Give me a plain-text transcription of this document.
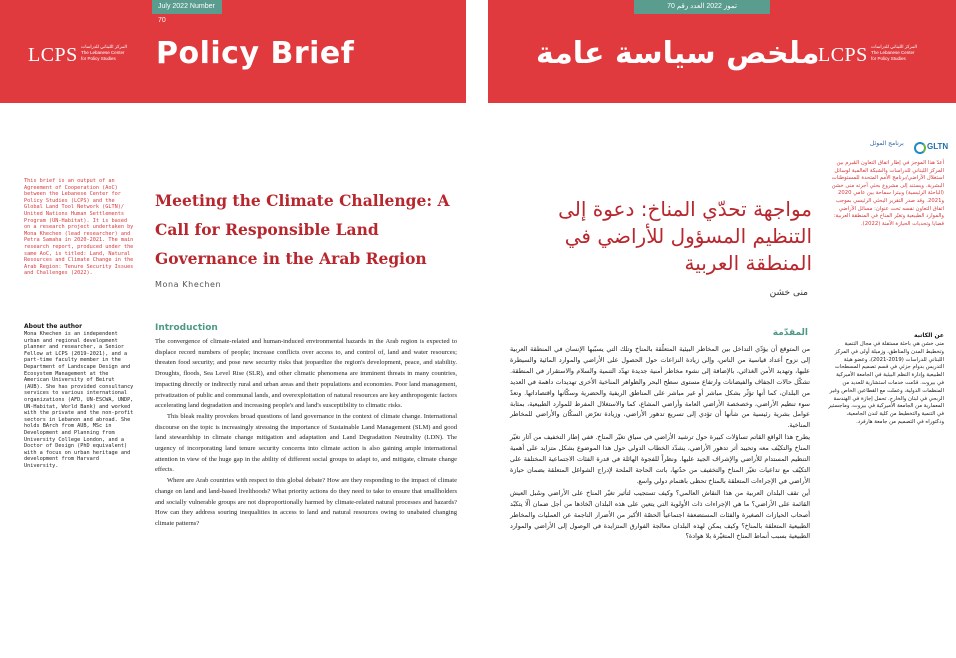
July 2022 Number 70
LCPS	المركز اللبناني للدراسات
The Lebanese Center
for Policy Studies	Policy Brief
This brief is an output of an Agreement of Cooperation (AoC) between the Lebanese Center for Policy Studies (LCPS) and the Global Land Tool Network (GLTN)/ United Nations Human Settlements Program (UN-Habitat). It is based on a research project undertaken by Mona Khechen (lead researcher) and Petra Samaha in 2020-2021. The main research report, produced under the same AoC, is titled: Land, Natural Resources and Climate Change in the Arab Region: Tenure Security Issues and Challenges (2022).
About the author
Mona Khechen is an independent urban and regional development planner and researcher, a Senior Fellow at LCPS (2019-2021), and a part-time faculty member in the Department of Landscape Design and Ecosystem Management at the American University of Beirut (AUB). She has provided consultancy services to various international organizations (AFD, UN-ESCWA, UNDP, UN-Habitat, World Bank) and worked with the private and the non-profit sectors in Lebanon and abroad. She holds BArch from AUB, MSc in Development and Planning from University College London, and a Doctor of Design (PhD equivalent) with a focus on urban heritage and development from Harvard University.
Meeting the Climate Challenge: A Call for Responsible Land Governance in the Arab Region
Mona Khechen
Introduction

The convergence of climate-related and human-induced environmental hazards in the Arab region is expected to displace record numbers of people; increase conflicts over access to, and control of, land and water resources; threaten food security; and pose new security risks that jeopardize the region's development, peace, and stability. Droughts, floods, Sea Level Rise (SLR), and other climatic phenomena are imminent threats in many countries, impacting directly or indirectly rural and urban areas and their populations and economies. Poor land management, privatization of public and communal lands, and overexploitation of natural resources are key anthropogenic factors accelerating land degradation and increasing people's and land's susceptibility to climatic risks.

This bleak reality provokes broad questions of land governance in the context of climate change. International discourse on the topic is increasingly stressing the importance of Sustainable Land Management (SLM) and good land stewardship in climate change mitigation and adaptation and Land Degradation Neutrality (LDN). The urgency of incorporating land tenure security concerns into climate action is also gaining ample international attention in view of the huge gap in the ability of different social groups to adapt to, and mitigate, climate change effects.

Where are Arab countries with respect to this global debate? How are they responding to the impact of climate change on land and land-based livelihoods? What priority actions do they need to take to ensure that smallholders and socially vulnerable groups are not disproportionally harmed by climate-related natural processes and hazards? How can they address souring inequalities in access to land and natural resources owing to unabated changing climate patterns?

تموز 2022 العدد رقم 70
ملخص سياسة عامة
LCPS	المركز اللبناني للدراسات
The Lebanese Center
for Policy Studies
برنامج الموئل	GLTN
أعدّ هذا الموجز في إطار اتفاق التعاون المُبرم بين المركز اللبناني للدراسات والشبكة العالمية لوسائل استغلال الأراضي/برنامج الأمم المتحدة للمستوطنات البشرية. ويستند إلى مشروع بحثي أجرته منى خشن (الباحثة الرئيسية) وبيترا سماحة بين عامي 2020 و2021. وقد صدر التقرير البحثي الرئيسي بموجب اتفاق التعاون نفسه تحت عنوان: مسائل الأراضي والموارد الطبيعية وتغيّر المناخ في المنطقة العربية: قضايا وتحديات الحيازة الآمنة (2022).
عن الكاتبة
منى خشن هي باحثة مستقلة في مجال التنمية وتخطيط المدن والمناطق، وزميلة أولى في المركز اللبناني للدراسات (2019-2021)، وعضو هيئة التدريس بدوام جزئي في قسم تصميم المسطحات الطبيعية وإدارة النظم البيئية في الجامعة الأميركية في بيروت. قدّمت خدمات استشارية للعديد من المنظمات الدولية، وعملت مع القطاعين الخاص وغير الربحي في لبنان والخارج. تحمل إجازة في الهندسة المعمارية من الجامعة الأميركية في بيروت، وماجستير في التنمية والتخطيط من كلية لندن الجامعية، ودكتوراه في التصميم من جامعة هارفرد.
مواجهة تحدّي المناخ: دعوة إلى التنظيم المسؤول للأراضي في المنطقة العربية
منى خشن
المقدّمة

من المتوقع أن يؤدّي التداخل بين المخاطر البيئية المتعلّقة بالمناخ وتلك التي يسبّبها الإنسان في المنطقة العربية إلى نزوح أعداد قياسية من الناس، وإلى زيادة النزاعات حول الحصول على الأراضي والموارد المائية والسيطرة عليها، وتهديد الأمن الغذائي، بالإضافة إلى نشوء مخاطر أمنية جديدة تهدّد التنمية والسلام والاستقرار في المنطقة. تشكّل حالات الجفاف والفيضانات وارتفاع مستوى سطح البحر والظواهر المناخية الأخرى تهديدات داهمة في العديد من البلدان، كما أنها تؤثّر بشكل مباشر أو غير مباشر على المناطق الريفية والحضرية وسكّانها واقتصاداتها. وتعدّ سوء تنظيم الأراضي، وخصخصة الأراضي العامة وأراضي المشاع، كما والاستغلال المفرط للموارد الطبيعية، بمثابة عوامل بشرية رئيسية من شأنها أن تؤدي إلى تسريع تدهور الأراضي، وزيادة تعرّض السكّان والأراضي للمخاطر المناخية.

يطرح هذا الواقع القاتم تساؤلات كبيرة حول ترشيد الأراضي في سياق تغيّر المناخ. ففي إطار التخفيف من آثار تغيّر المناخ والتكيّف معه وتحييد أثر تدهور الأراضي، يشدّد الخطاب الدولي حول هذا الموضوع بشكل متزايد على أهمية التنظيم المستدام للأراضي والإشراف الجيد عليها. ونظراً للفجوة الهائلة في قدرة الفئات الاجتماعية المختلفة على التكيّف مع تداعيات تغيّر المناخ والتخفيف من حدّتها، باتت الحاجة الملحة لإدراج الشواغل المتعلقة بضمان حيازة الأراضي في الإجراءات المتعلقة بالمناخ تحظى باهتمام دولي واسع.

أين تقف البلدان العربية من هذا النقاش العالمي؟ وكيف تستجيب لتأثير تغيّر المناخ على الأراضي وسُبل العيش القائمة على الأراضي؟ ما هي الإجراءات ذات الأولوية التي يتعين على هذه البلدان اتّخاذها من أجل ضمان ألّا يتكبّد أصحاب الحيازات الصغيرة والفئات المستضعفة اجتماعياً الحصّة الأكبر من الأضرار الناجمة عن العمليات والمخاطر الطبيعية المتعلقة بالمناخ؟ وكيف يمكن لهذه البلدان معالجة الفوارق المتزايدة في الوصول إلى الأراضي والموارد الطبيعية بسبب أنماط المناخ المتغيّرة بلا هوادة؟
